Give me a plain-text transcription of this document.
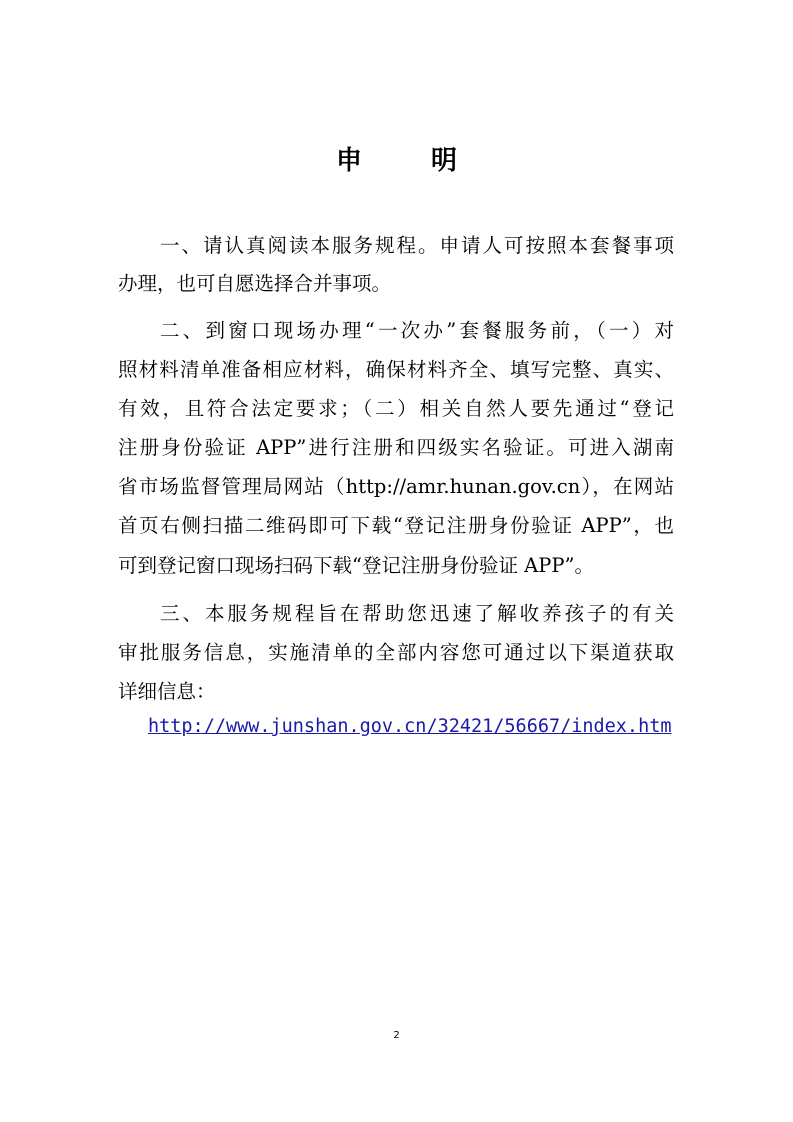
申 明
一、请认真阅读本服务规程。申请人可按照本套餐事项
办理，也可自愿选择合并事项。
二、到窗口现场办理“一次办”套餐服务前，（一）对
照材料清单准备相应材料，确保材料齐全、填写完整、真实、
有效，且符合法定要求；（二）相关自然人要先通过“登记
注册身份验证 APP”进行注册和四级实名验证。可进入湖南
省市场监督管理局网站（http://amr.hunan.gov.cn），在网站
首页右侧扫描二维码即可下载“登记注册身份验证 APP”，也
可到登记窗口现场扫码下载“登记注册身份验证 APP”。
三、本服务规程旨在帮助您迅速了解收养孩子的有关
审批服务信息，实施清单的全部内容您可通过以下渠道获取
详细信息：
http://www.junshan.gov.cn/32421/56667/index.htm
2
